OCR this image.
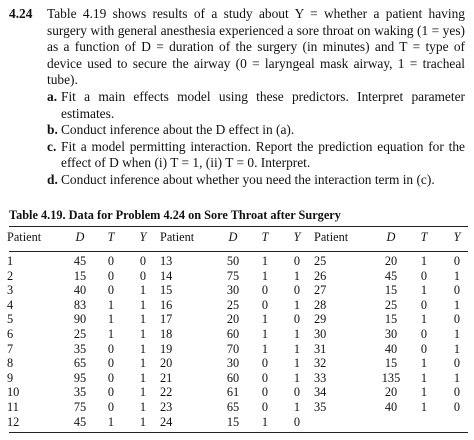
4.24 Table 4.19 shows results of a study about Y = whether a patient having surgery with general anesthesia experienced a sore throat on waking (1 = yes) as a function of D = duration of the surgery (in minutes) and T = type of device used to secure the airway (0 = laryngeal mask airway, 1 = tracheal tube).
a. Fit a main effects model using these predictors. Interpret parameter estimates.
b. Conduct inference about the D effect in (a).
c. Fit a model permitting interaction. Report the prediction equation for the effect of D when (i) T = 1, (ii) T = 0. Interpret.
d. Conduct inference about whether you need the interaction term in (c).
Table 4.19. Data for Problem 4.24 on Sore Throat after Surgery
Patient	D	T	Y	Patient	D	T	Y	Patient	D	T	Y
1	45	0	0	13	50	1	0	25	20	1	0
2	15	0	0	14	75	1	1	26	45	0	1
3	40	0	1	15	30	0	0	27	15	1	0
4	83	1	1	16	25	0	1	28	25	0	1
5	90	1	1	17	20	1	0	29	15	1	0
6	25	1	1	18	60	1	1	30	30	0	1
7	35	0	1	19	70	1	1	31	40	0	1
8	65	0	1	20	30	0	1	32	15	1	0
9	95	0	1	21	60	0	1	33	135	1	1
10	35	0	1	22	61	0	0	34	20	1	0
11	75	0	1	23	65	0	1	35	40	1	0
12	45	1	1	24	15	1	0
